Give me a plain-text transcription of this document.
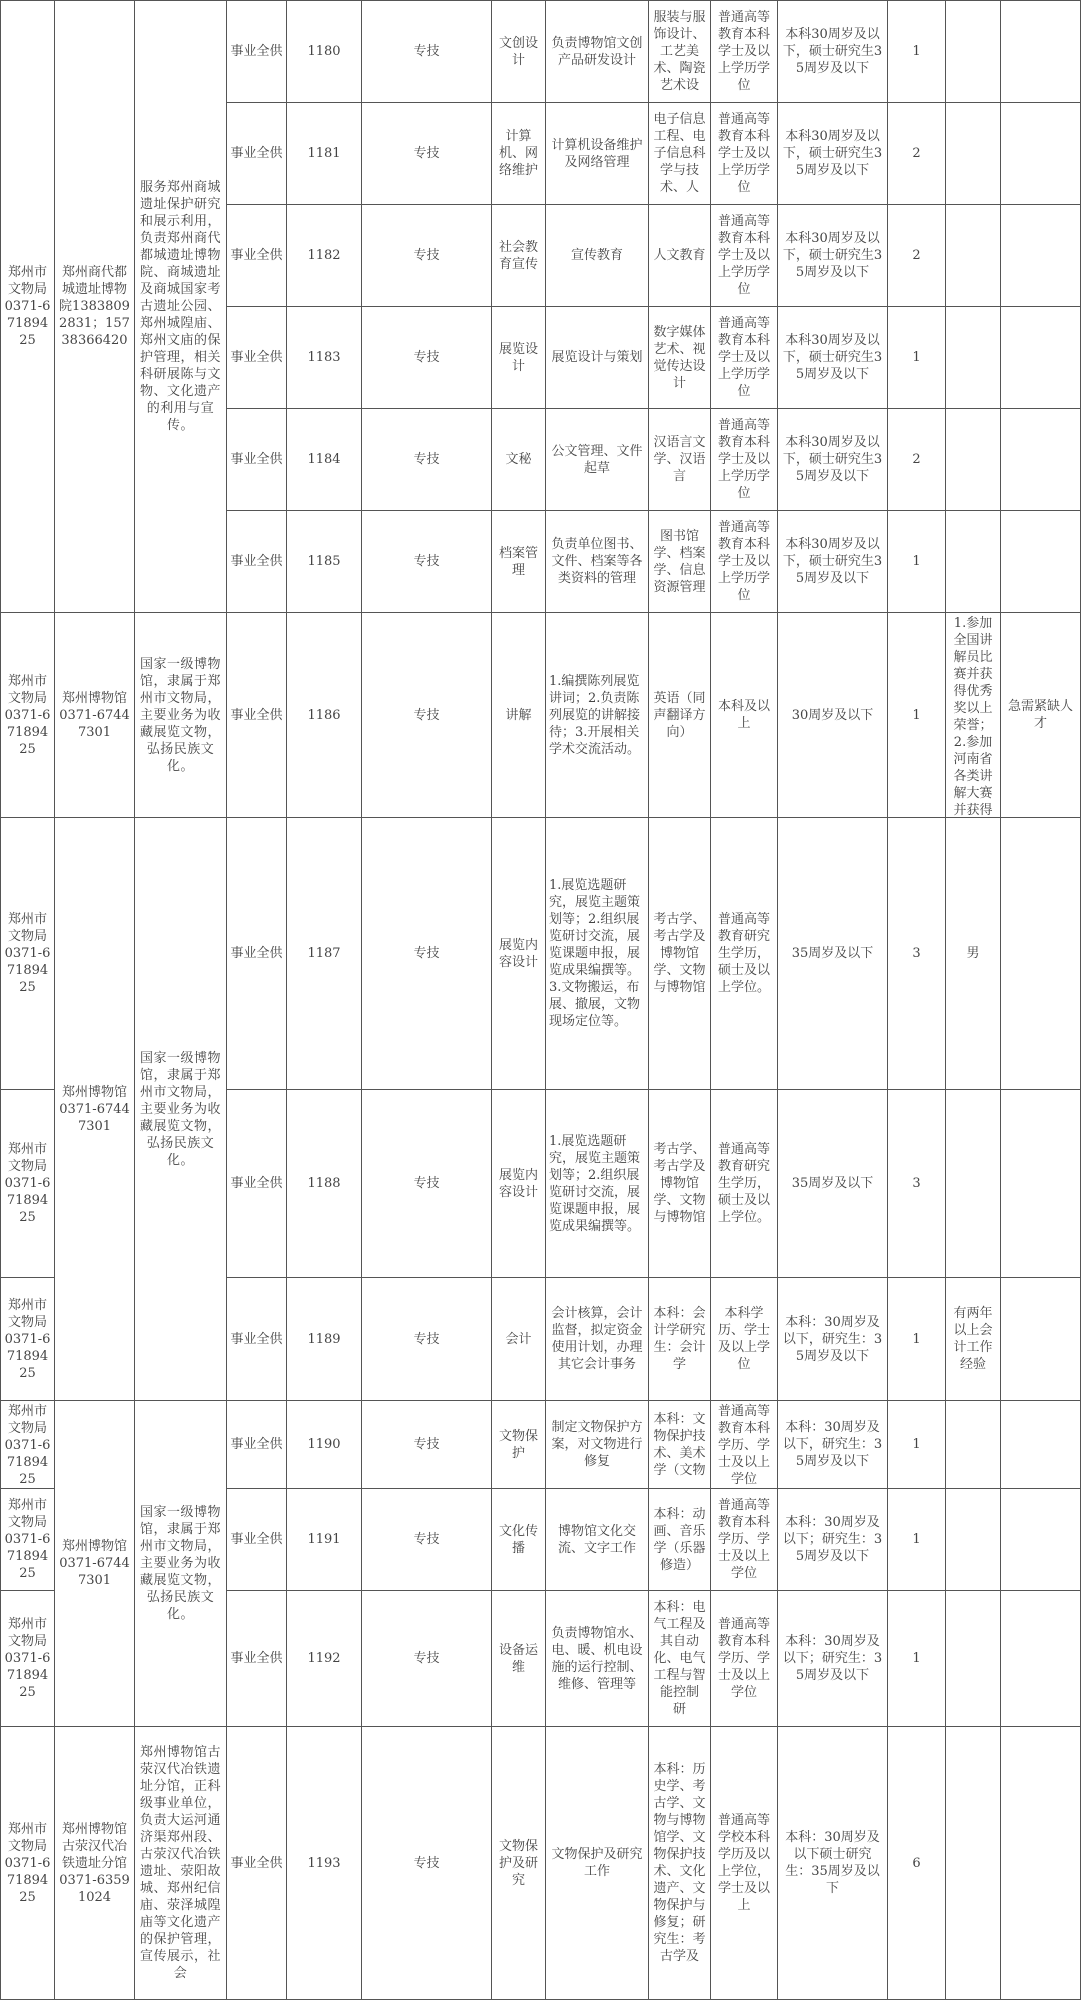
郑州市文物局0371-67189425	郑州商代都城遗址博物院13838092831；15738366420	服务郑州商城遗址保护研究和展示利用，负责郑州商代都城遗址博物院、商城遗址及商城国家考古遗址公园、郑州城隍庙、郑州文庙的保护管理，相关科研展陈与文物、文化遗产的利用与宣传。	事业全供	1180	专技	文创设计	负责博物馆文创产品研发设计	服装与服饰设计、工艺美术、陶瓷艺术设	普通高等教育本科学士及以上学历学位	本科30周岁及以下，硕士研究生35周岁及以下	1		
			事业全供	1181	专技	计算机、网络维护	计算机设备维护及网络管理	电子信息工程、电子信息科学与技术、人	普通高等教育本科学士及以上学历学位	本科30周岁及以下，硕士研究生35周岁及以下	2		
			事业全供	1182	专技	社会教育宣传	宣传教育	人文教育	普通高等教育本科学士及以上学历学位	本科30周岁及以下，硕士研究生35周岁及以下	2		
			事业全供	1183	专技	展览设计	展览设计与策划	数字媒体艺术、视觉传达设计	普通高等教育本科学士及以上学历学位	本科30周岁及以下，硕士研究生35周岁及以下	1		
			事业全供	1184	专技	文秘	公文管理、文件起草	汉语言文学、汉语言	普通高等教育本科学士及以上学历学位	本科30周岁及以下，硕士研究生35周岁及以下	2		
			事业全供	1185	专技	档案管理	负责单位图书、文件、档案等各类资料的管理	图书馆学、档案学、信息资源管理	普通高等教育本科学士及以上学历学位	本科30周岁及以下，硕士研究生35周岁及以下	1		
郑州市文物局0371-67189425	郑州博物馆0371-67447301	国家一级博物馆，隶属于郑州市文物局，主要业务为收藏展览文物，弘扬民族文化。	事业全供	1186	专技	讲解	1.编撰陈列展览讲词；2.负责陈列展览的讲解接待；3.开展相关学术交流活动。	英语（同声翻译方向）	本科及以上	30周岁及以下	1	1.参加全国讲解员比赛并获得优秀奖以上荣誉；2.参加河南省各类讲解大赛并获得	急需紧缺人才
郑州市文物局0371-67189425	郑州博物馆0371-67447301	国家一级博物馆，隶属于郑州市文物局，主要业务为收藏展览文物，弘扬民族文化。	事业全供	1187	专技	展览内容设计	1.展览选题研究，展览主题策划等；2.组织展览研讨交流，展览课题申报，展览成果编撰等。3.文物搬运，布展、撤展，文物现场定位等。	考古学、考古学及博物馆学、文物与博物馆	普通高等教育研究生学历，硕士及以上学位。	35周岁及以下	3	男	
郑州市文物局0371-67189425			事业全供	1188	专技	展览内容设计	1.展览选题研究，展览主题策划等；2.组织展览研讨交流，展览课题申报，展览成果编撰等。	考古学、考古学及博物馆学、文物与博物馆	普通高等教育研究生学历，硕士及以上学位。	35周岁及以下	3		
郑州市文物局0371-67189425			事业全供	1189	专技	会计	会计核算，会计监督，拟定资金使用计划，办理其它会计事务	本科：会计学研究生：会计学	本科学历、学士及以上学位	本科：30周岁及以下，研究生：35周岁及以下	1	有两年以上会计工作经验	

郑州市文物局0371-67189425	郑州博物馆0371-67447301	国家一级博物馆，隶属于郑州市文物局，主要业务为收藏展览文物，弘扬民族文化。	事业全供	1190	专技	文物保护	制定文物保护方案，对文物进行修复	本科：文物保护技术、美术学（文物	普通高等教育本科学历、学士及以上学位	本科：30周岁及以下，研究生：35周岁及以下	1		
郑州市文物局0371-67189425			事业全供	1191	专技	文化传播	博物馆文化交流、文字工作	本科：动画、音乐学（乐器修造）	普通高等教育本科学历、学士及以上学位	本科：30周岁及以下；研究生：35周岁及以下	1		
郑州市文物局0371-67189425			事业全供	1192	专技	设备运维	负责博物馆水、电、暖、机电设施的运行控制、维修、管理等	本科：电气工程及其自动化、电气工程与智能控制　研	普通高等教育本科学历、学士及以上学位	本科：30周岁及以下；研究生：35周岁及以下	1		
郑州市文物局0371-67189425	郑州博物馆古荥汉代冶铁遗址分馆0371-63591024	郑州博物馆古荥汉代冶铁遗址分馆，正科级事业单位，负责大运河通济渠郑州段、古荥汉代冶铁遗址、荥阳故城、郑州纪信庙、荥泽城隍庙等文化遗产的保护管理，宣传展示，社会	事业全供	1193	专技	文物保护及研究	文物保护及研究工作	本科：历史学、考古学、文物与博物馆学、文物保护技术、文化遗产、文物保护与修复；研究生：考古学及	普通高等学校本科学历及以上学位，学士及以上	本科：30周岁及以下硕士研究生：35周岁及以下	6		
